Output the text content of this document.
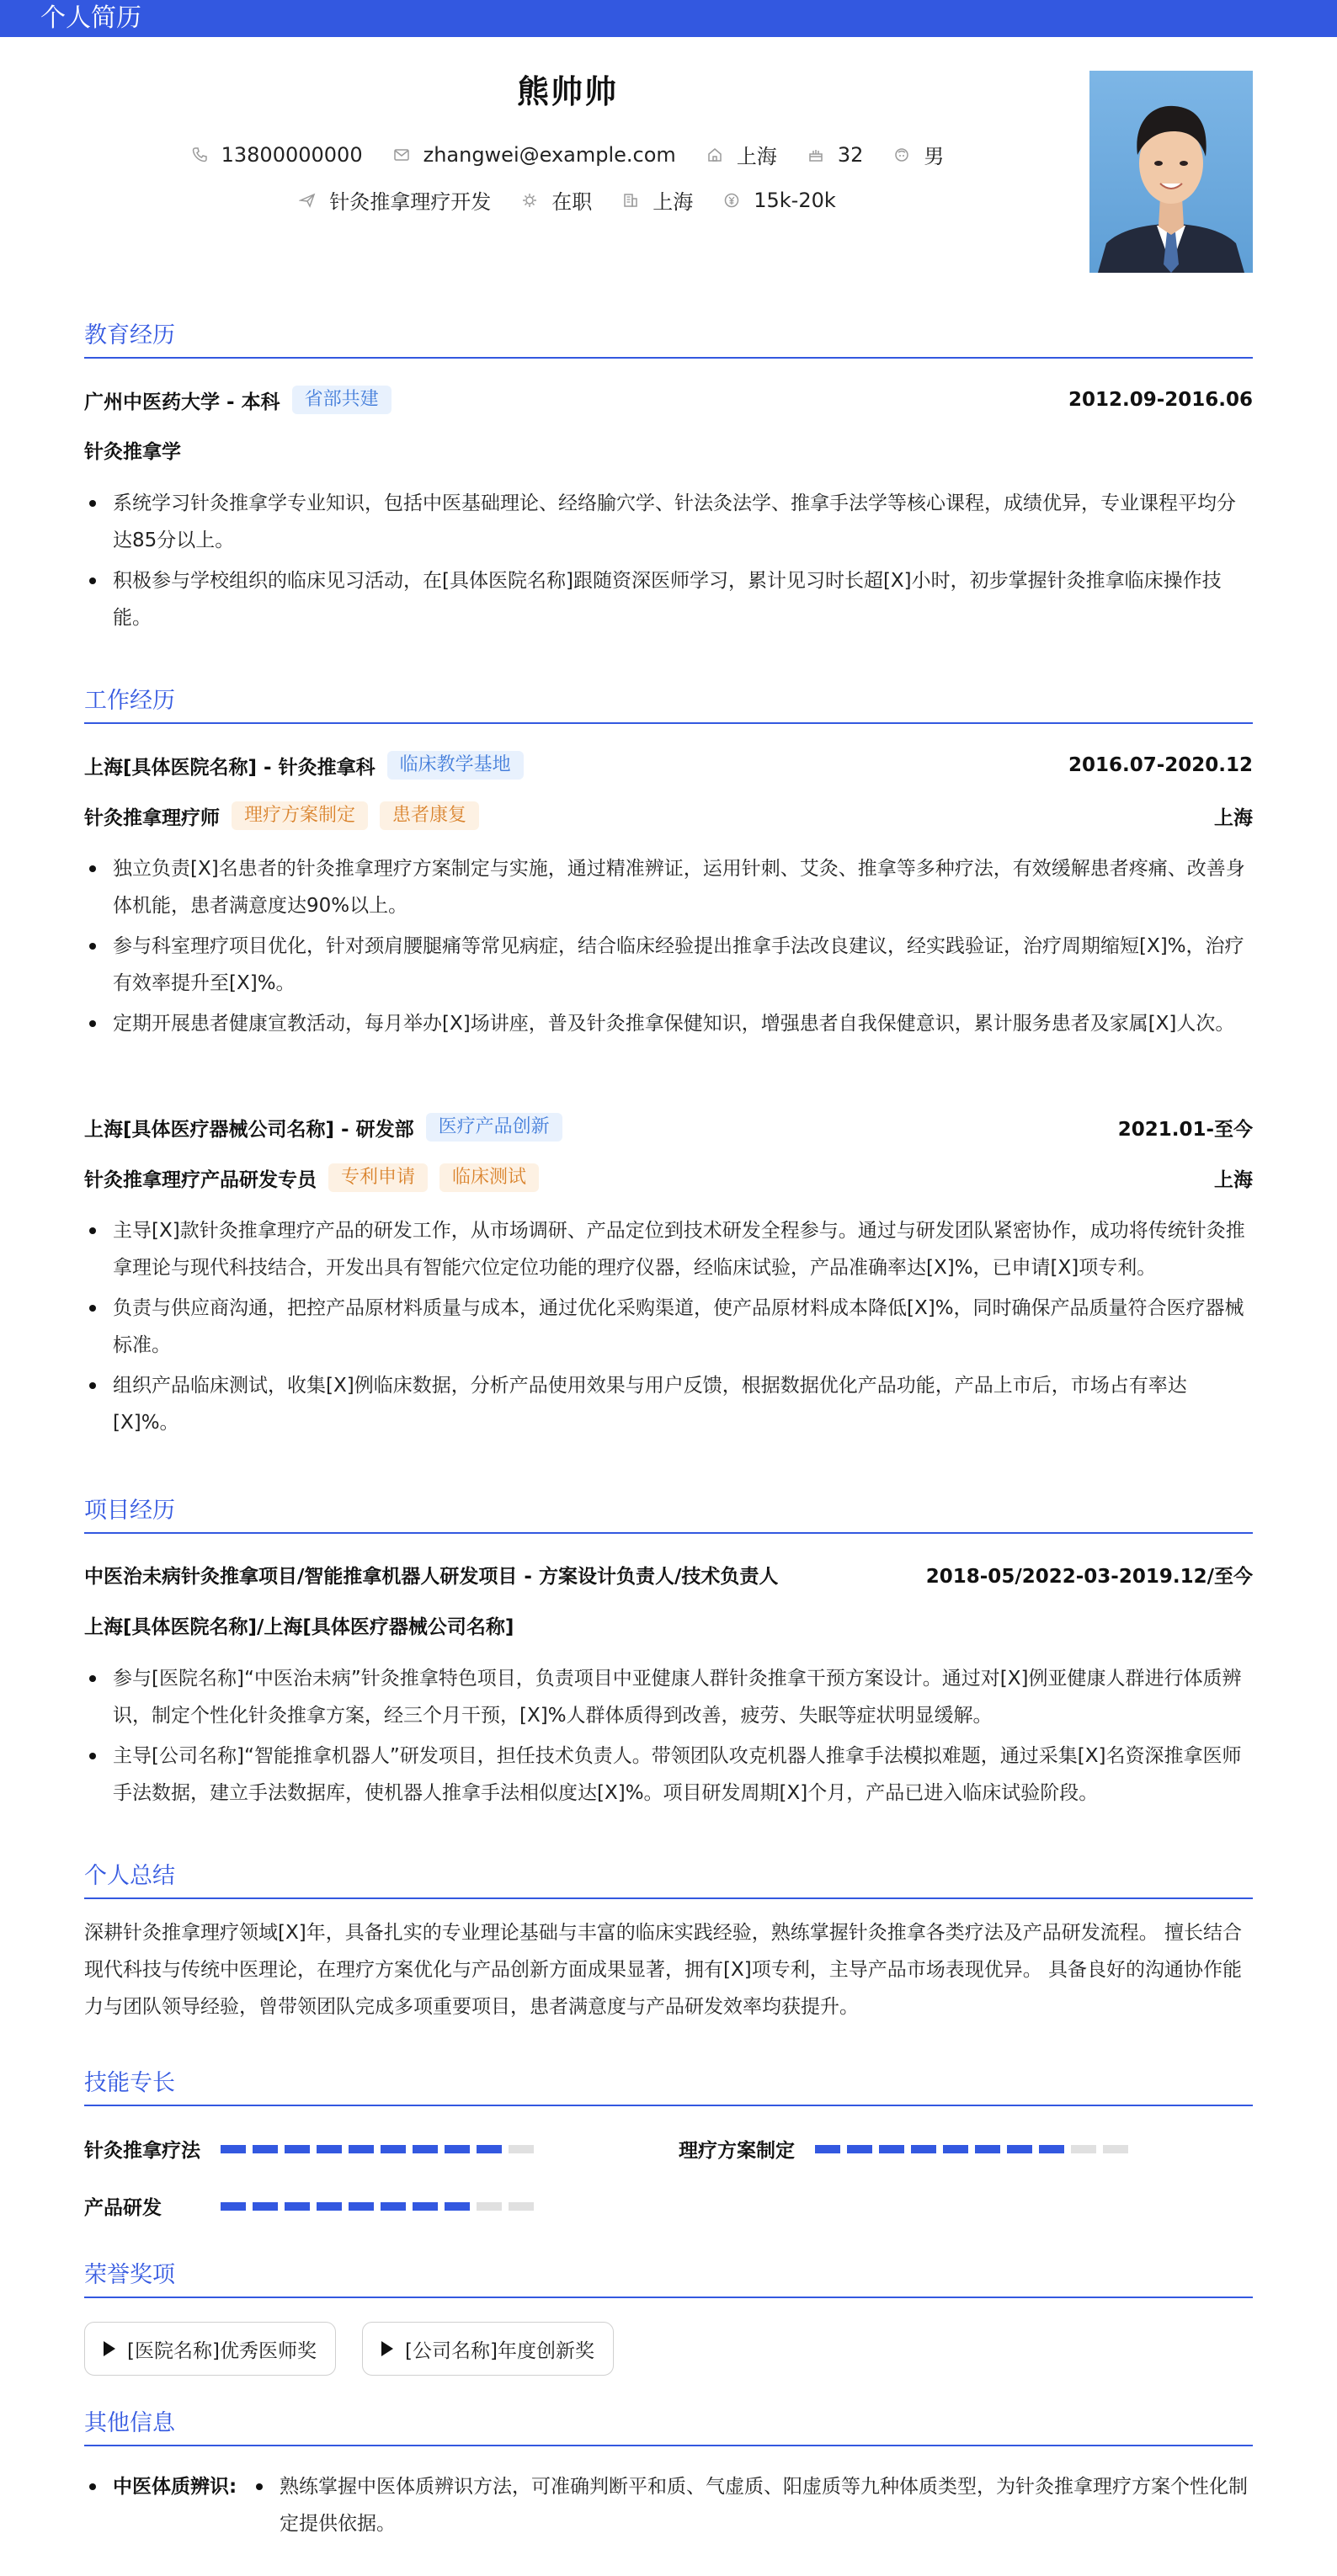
个人简历
熊帅帅
13800000000	zhangwei@example.com	上海	32	男
针灸推拿理疗开发	在职	上海	15k-20k
教育经历
广州中医药大学 - 本科	省部共建	2012.09-2016.06
针灸推拿学
系统学习针灸推拿学专业知识，包括中医基础理论、经络腧穴学、针法灸法学、推拿手法学等核心课程，成绩优异，专业课程平均分达85分以上。
积极参与学校组织的临床见习活动，在[具体医院名称]跟随资深医师学习，累计见习时长超[X]小时，初步掌握针灸推拿临床操作技能。
工作经历
上海[具体医院名称] - 针灸推拿科	临床教学基地	2016.07-2020.12
针灸推拿理疗师	理疗方案制定	患者康复	上海
独立负责[X]名患者的针灸推拿理疗方案制定与实施，通过精准辨证，运用针刺、艾灸、推拿等多种疗法，有效缓解患者疼痛、改善身体机能，患者满意度达90%以上。
参与科室理疗项目优化，针对颈肩腰腿痛等常见病症，结合临床经验提出推拿手法改良建议，经实践验证，治疗周期缩短[X]%，治疗有效率提升至[X]%。
定期开展患者健康宣教活动，每月举办[X]场讲座，普及针灸推拿保健知识，增强患者自我保健意识，累计服务患者及家属[X]人次。
上海[具体医疗器械公司名称] - 研发部	医疗产品创新	2021.01-至今
针灸推拿理疗产品研发专员	专利申请	临床测试	上海
主导[X]款针灸推拿理疗产品的研发工作，从市场调研、产品定位到技术研发全程参与。通过与研发团队紧密协作，成功将传统针灸推拿理论与现代科技结合，开发出具有智能穴位定位功能的理疗仪器，经临床试验，产品准确率达[X]%，已申请[X]项专利。
负责与供应商沟通，把控产品原材料质量与成本，通过优化采购渠道，使产品原材料成本降低[X]%，同时确保产品质量符合医疗器械标准。
组织产品临床测试，收集[X]例临床数据，分析产品使用效果与用户反馈，根据数据优化产品功能，产品上市后，市场占有率达[X]%。
项目经历
中医治未病针灸推拿项目/智能推拿机器人研发项目 - 方案设计负责人/技术负责人	2018-05/2022-03-2019.12/至今
上海[具体医院名称]/上海[具体医疗器械公司名称]
参与[医院名称]“中医治未病”针灸推拿特色项目，负责项目中亚健康人群针灸推拿干预方案设计。通过对[X]例亚健康人群进行体质辨识，制定个性化针灸推拿方案，经三个月干预，[X]%人群体质得到改善，疲劳、失眠等症状明显缓解。
主导[公司名称]“智能推拿机器人”研发项目，担任技术负责人。带领团队攻克机器人推拿手法模拟难题，通过采集[X]名资深推拿医师手法数据，建立手法数据库，使机器人推拿手法相似度达[X]%。项目研发周期[X]个月，产品已进入临床试验阶段。
个人总结
深耕针灸推拿理疗领域[X]年，具备扎实的专业理论基础与丰富的临床实践经验，熟练掌握针灸推拿各类疗法及产品研发流程。 擅长结合现代科技与传统中医理论，在理疗方案优化与产品创新方面成果显著，拥有[X]项专利，主导产品市场表现优异。 具备良好的沟通协作能力与团队领导经验，曾带领团队完成多项重要项目，患者满意度与产品研发效率均获提升。
技能专长
针灸推拿疗法	理疗方案制定
产品研发
荣誉奖项
[医院名称]优秀医师奖	[公司名称]年度创新奖
其他信息
中医体质辨识:	熟练掌握中医体质辨识方法，可准确判断平和质、气虚质、阳虚质等九种体质类型，为针灸推拿理疗方案个性化制定提供依据。
